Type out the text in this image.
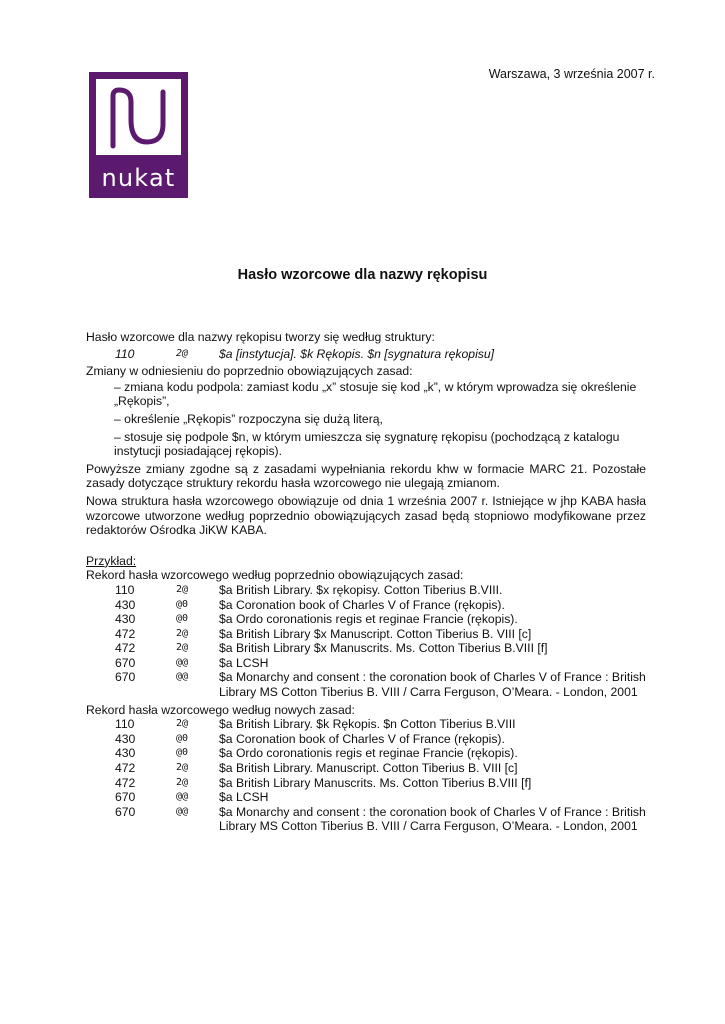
nukat
Warszawa, 3 września 2007 r.
Hasło wzorcowe dla nazwy rękopisu

Hasło wzorcowe dla nazwy rękopisu tworzy się według struktury:

110	2@	$a [instytucja]. $k Rękopis. $n [sygnatura rękopisu]

Zmiany w odniesieniu do poprzednio obowiązujących zasad:

– zmiana kodu podpola: zamiast kodu „x” stosuje się kod „k”, w którym wprowadza się określenie „Rękopis”,
– określenie „Rękopis” rozpoczyna się dużą literą,
– stosuje się podpole $n, w którym umieszcza się sygnaturę rękopisu (pochodzącą z katalogu instytucji posiadającej rękopis).

Powyższe zmiany zgodne są z zasadami wypełniania rekordu khw w formacie MARC 21. Pozostałe zasady dotyczące struktury rekordu hasła wzorcowego nie ulegają zmianom.

Nowa struktura hasła wzorcowego obowiązuje od dnia 1 września 2007 r. Istniejące w jhp KABA hasła wzorcowe utworzone według poprzednio obowiązujących zasad będą stopniowo modyfikowane przez redaktorów Ośrodka JiKW KABA.

Przykład:

Rekord hasła wzorcowego według poprzednio obowiązujących zasad:

110	2@	$a British Library. $x rękopisy. Cotton Tiberius B.VIII.
430	@0	$a Coronation book of Charles V of France (rękopis).
430	@0	$a Ordo coronationis regis et reginae Francie (rękopis).
472	2@	$a British Library $x Manuscript. Cotton Tiberius B. VIII [c]
472	2@	$a British Library $x Manuscrits. Ms. Cotton Tiberius B.VIII [f]
670	@@	$a LCSH
670	@@	$a Monarchy and consent : the coronation book of Charles V of France : British Library MS Cotton Tiberius B. VIII / Carra Ferguson, O’Meara. - London, 2001

Rekord hasła wzorcowego według nowych zasad:

110	2@	$a British Library. $k Rękopis. $n Cotton Tiberius B.VIII
430	@0	$a Coronation book of Charles V of France (rękopis).
430	@0	$a Ordo coronationis regis et reginae Francie (rękopis).
472	2@	$a British Library. Manuscript. Cotton Tiberius B. VIII [c]
472	2@	$a British Library Manuscrits. Ms. Cotton Tiberius B.VIII [f]
670	@@	$a LCSH
670	@@	$a Monarchy and consent : the coronation book of Charles V of France : British Library MS Cotton Tiberius B. VIII / Carra Ferguson, O’Meara. - London, 2001
